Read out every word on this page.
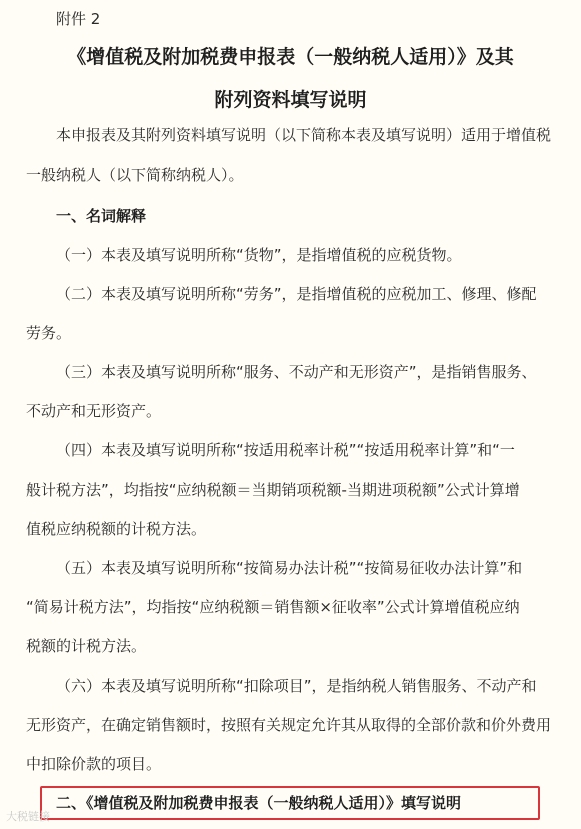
附件 2
《增值税及附加税费申报表（一般纳税人适用）》及其
附列资料填写说明
本申报表及其附列资料填写说明（以下简称本表及填写说明）适用于增值税
一般纳税人（以下简称纳税人）。
一、名词解释
（一）本表及填写说明所称“货物”，是指增值税的应税货物。
（二）本表及填写说明所称“劳务”，是指增值税的应税加工、修理、修配
劳务。
（三）本表及填写说明所称“服务、不动产和无形资产”，是指销售服务、
不动产和无形资产。
（四）本表及填写说明所称“按适用税率计税”“按适用税率计算”和“一
般计税方法”，均指按“应纳税额＝当期销项税额-当期进项税额”公式计算增
值税应纳税额的计税方法。
（五）本表及填写说明所称“按简易办法计税”“按简易征收办法计算”和
“简易计税方法”，均指按“应纳税额＝销售额×征收率”公式计算增值税应纳
税额的计税方法。
（六）本表及填写说明所称“扣除项目”，是指纳税人销售服务、不动产和
无形资产，在确定销售额时，按照有关规定允许其从取得的全部价款和价外费用
中扣除价款的项目。
二、《增值税及附加税费申报表（一般纳税人适用）》填写说明
大税链接
